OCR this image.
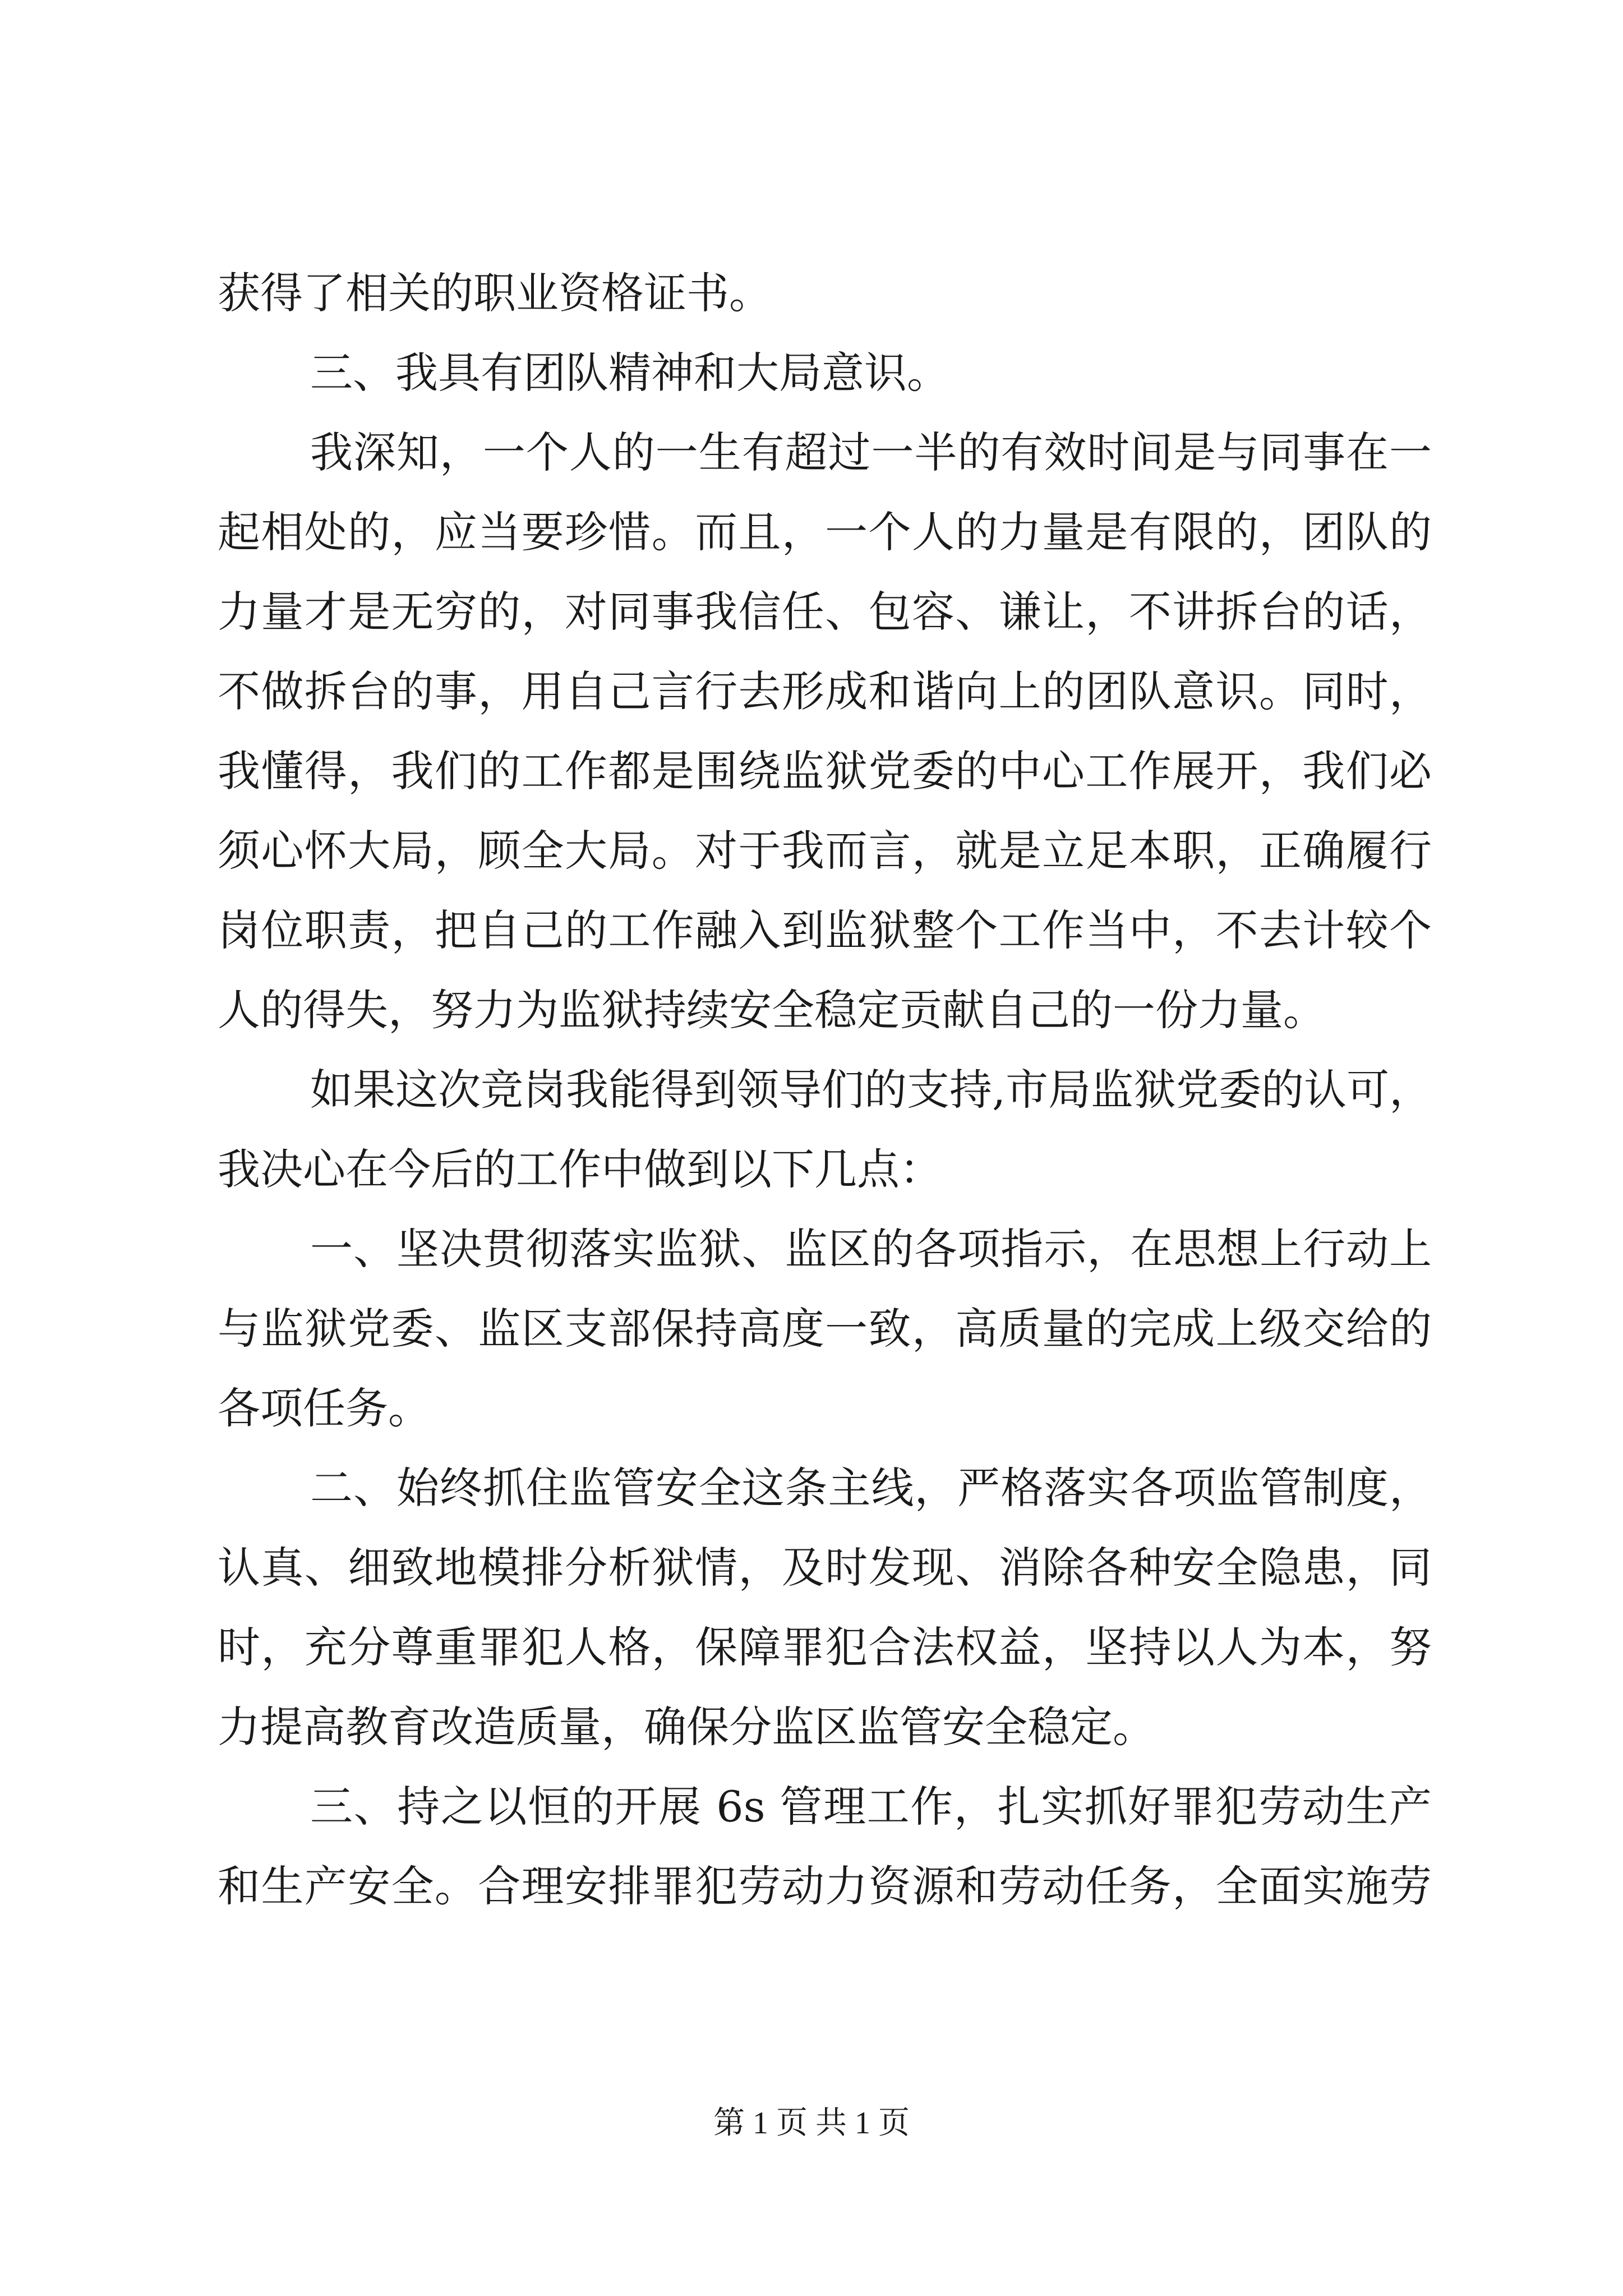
获得了相关的职业资格证书。
三、我具有团队精神和大局意识。
我深知，一个人的一生有超过一半的有效时间是与同事在一
起相处的，应当要珍惜。而且，一个人的力量是有限的，团队的
力量才是无穷的，对同事我信任、包容、谦让，不讲拆台的话，
不做拆台的事，用自己言行去形成和谐向上的团队意识。同时，
我懂得，我们的工作都是围绕监狱党委的中心工作展开，我们必
须心怀大局，顾全大局。对于我而言，就是立足本职，正确履行
岗位职责，把自己的工作融入到监狱整个工作当中，不去计较个
人的得失，努力为监狱持续安全稳定贡献自己的一份力量。
如果这次竞岗我能得到领导们的支持,市局监狱党委的认可，
我决心在今后的工作中做到以下几点：
一、坚决贯彻落实监狱、监区的各项指示，在思想上行动上
与监狱党委、监区支部保持高度一致，高质量的完成上级交给的
各项任务。
二、始终抓住监管安全这条主线，严格落实各项监管制度，
认真、细致地模排分析狱情，及时发现、消除各种安全隐患，同
时，充分尊重罪犯人格，保障罪犯合法权益，坚持以人为本，努
力提高教育改造质量，确保分监区监管安全稳定。
三、持之以恒的开展 6s 管理工作，扎实抓好罪犯劳动生产
和生产安全。合理安排罪犯劳动力资源和劳动任务，全面实施劳
第 1 页 共 1 页
